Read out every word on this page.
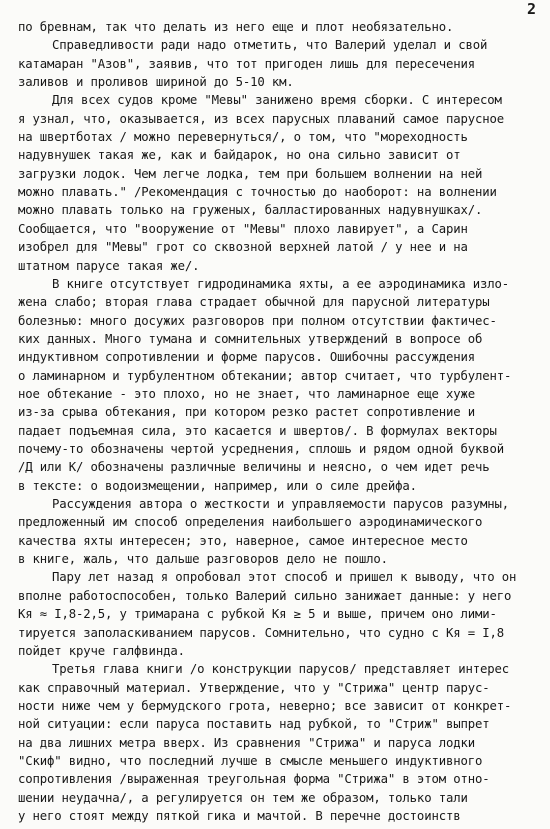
2
по бревнам, так что делать из него еще и плот необязательно.
Справедливости ради надо отметить, что Валерий уделал и свой
катамаран "Азов", заявив, что тот пригоден лишь для пересечения
заливов и проливов шириной до 5-10 км.
Для всех судов кроме "Мевы" занижено время сборки. С интересом
я узнал, что, оказывается, из всех парусных плаваний самое парусное
на швертботах / можно перевернуться/, о том, что "мореходность
надувнушек такая же, как и байдарок, но она сильно зависит от
загрузки лодок. Чем легче лодка, тем при большем волнении на ней
можно плавать." /Рекомендация с точностью до наоборот: на волнении
можно плавать только на груженых, балластированных надувнушках/.
Сообщается, что "вооружение от "Мевы" плохо лавирует", а Сарин
изобрел для "Мевы" грот со сквозной верхней латой / у нее и на
штатном парусе такая же/.
В книге отсутствует гидродинамика яхты, а ее аэродинамика изло-
жена слабо; вторая глава страдает обычной для парусной литературы
болезнью: много досужих разговоров при полном отсутствии фактичес-
ких данных. Много тумана и сомнительных утверждений в вопросе об
индуктивном сопротивлении и форме парусов. Ошибочны рассуждения
о ламинарном и турбулентном обтекании; автор считает, что турбулент-
ное обтекание - это плохо, но не знает, что ламинарное еще хуже
из-за срыва обтекания, при котором резко растет сопротивление и
падает подъемная сила, это касается и швертов/. В формулах векторы
почему-то обозначены чертой усреднения, сплошь и рядом одной буквой
/Д или К/ обозначены различные величины и неясно, о чем идет речь
в тексте: о водоизмещении, например, или о силе дрейфа.
Рассуждения автора о жесткости и управляемости парусов разумны,
предложенный им способ определения наибольшего аэродинамического
качества яхты интересен; это, наверное, самое интересное место
в книге, жаль, что дальше разговоров дело не пошло.
Пару лет назад я опробовал этот способ и пришел к выводу, что он
вполне работоспособен, только Валерий сильно занижает данные: у него
Кя ≈ I,8-2,5, у тримарана с рубкой Кя ≥ 5 и выше, причем оно лими-
тируется заполаскиванием парусов. Сомнительно, что судно с Кя = I,8
пойдет круче галфвинда.
Третья глава книги /о конструкции парусов/ представляет интерес
как справочный материал. Утверждение, что у "Стрижа" центр парус-
ности ниже чем у бермудского грота, неверно; все зависит от конкрет-
ной ситуации: если паруса поставить над рубкой, то "Стриж" выпрет
на два лишних метра вверх. Из сравнения "Стрижа" и паруса лодки
"Скиф" видно, что последний лучше в смысле меньшего индуктивного
сопротивления /выраженная треугольная форма "Стрижа" в этом отно-
шении неудачна/, а регулируется он тем же образом, только тали
у него стоят между пяткой гика и мачтой. В перечне достоинств
